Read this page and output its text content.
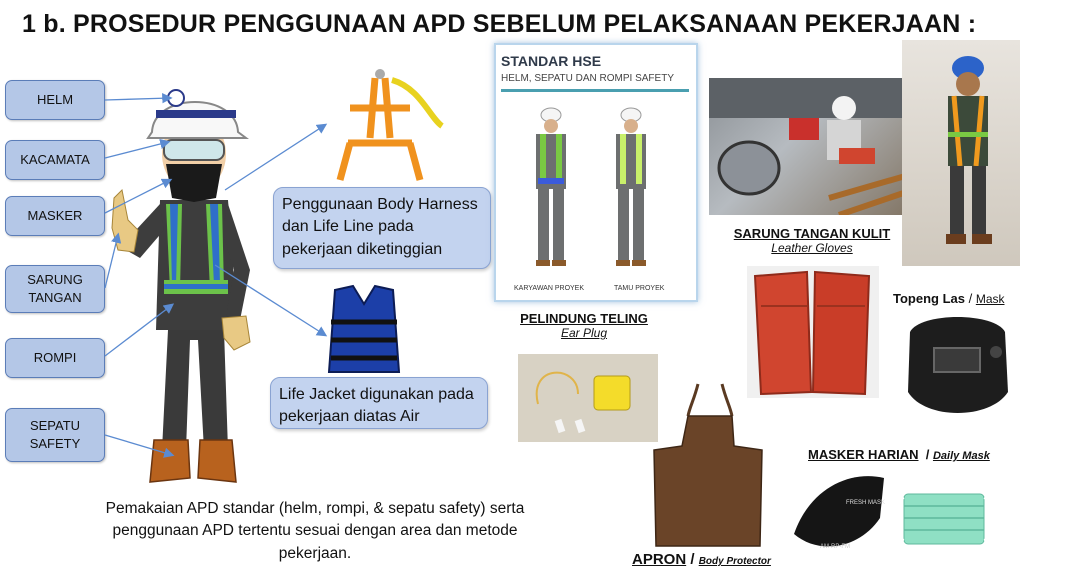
1 b. PROSEDUR PENGGUNAAN APD SEBELUM PELAKSANAAN PEKERJAAN :
HELM
KACAMATA
MASKER
SARUNG
TANGAN
ROMPI
SEPATU
SAFETY
Penggunaan Body Harness dan Life Line pada pekerjaan diketinggian
Life Jacket digunakan pada pekerjaan diatas Air
STANDAR HSE
HELM, SEPATU DAN ROMPI SAFETY
KARYAWAN PROYEK	TAMU PROYEK
SARUNG TANGAN KULIT
Leather Gloves
Topeng Las / Mask
PELINDUNG TELING
Ear Plug
APRON / Body Protector
MASKER HARIAN  / Daily Mask
FRESH MASK
AM-RP-FM
Pemakaian APD standar (helm, rompi, & sepatu safety) serta penggunaan APD tertentu sesuai dengan area dan metode pekerjaan.
